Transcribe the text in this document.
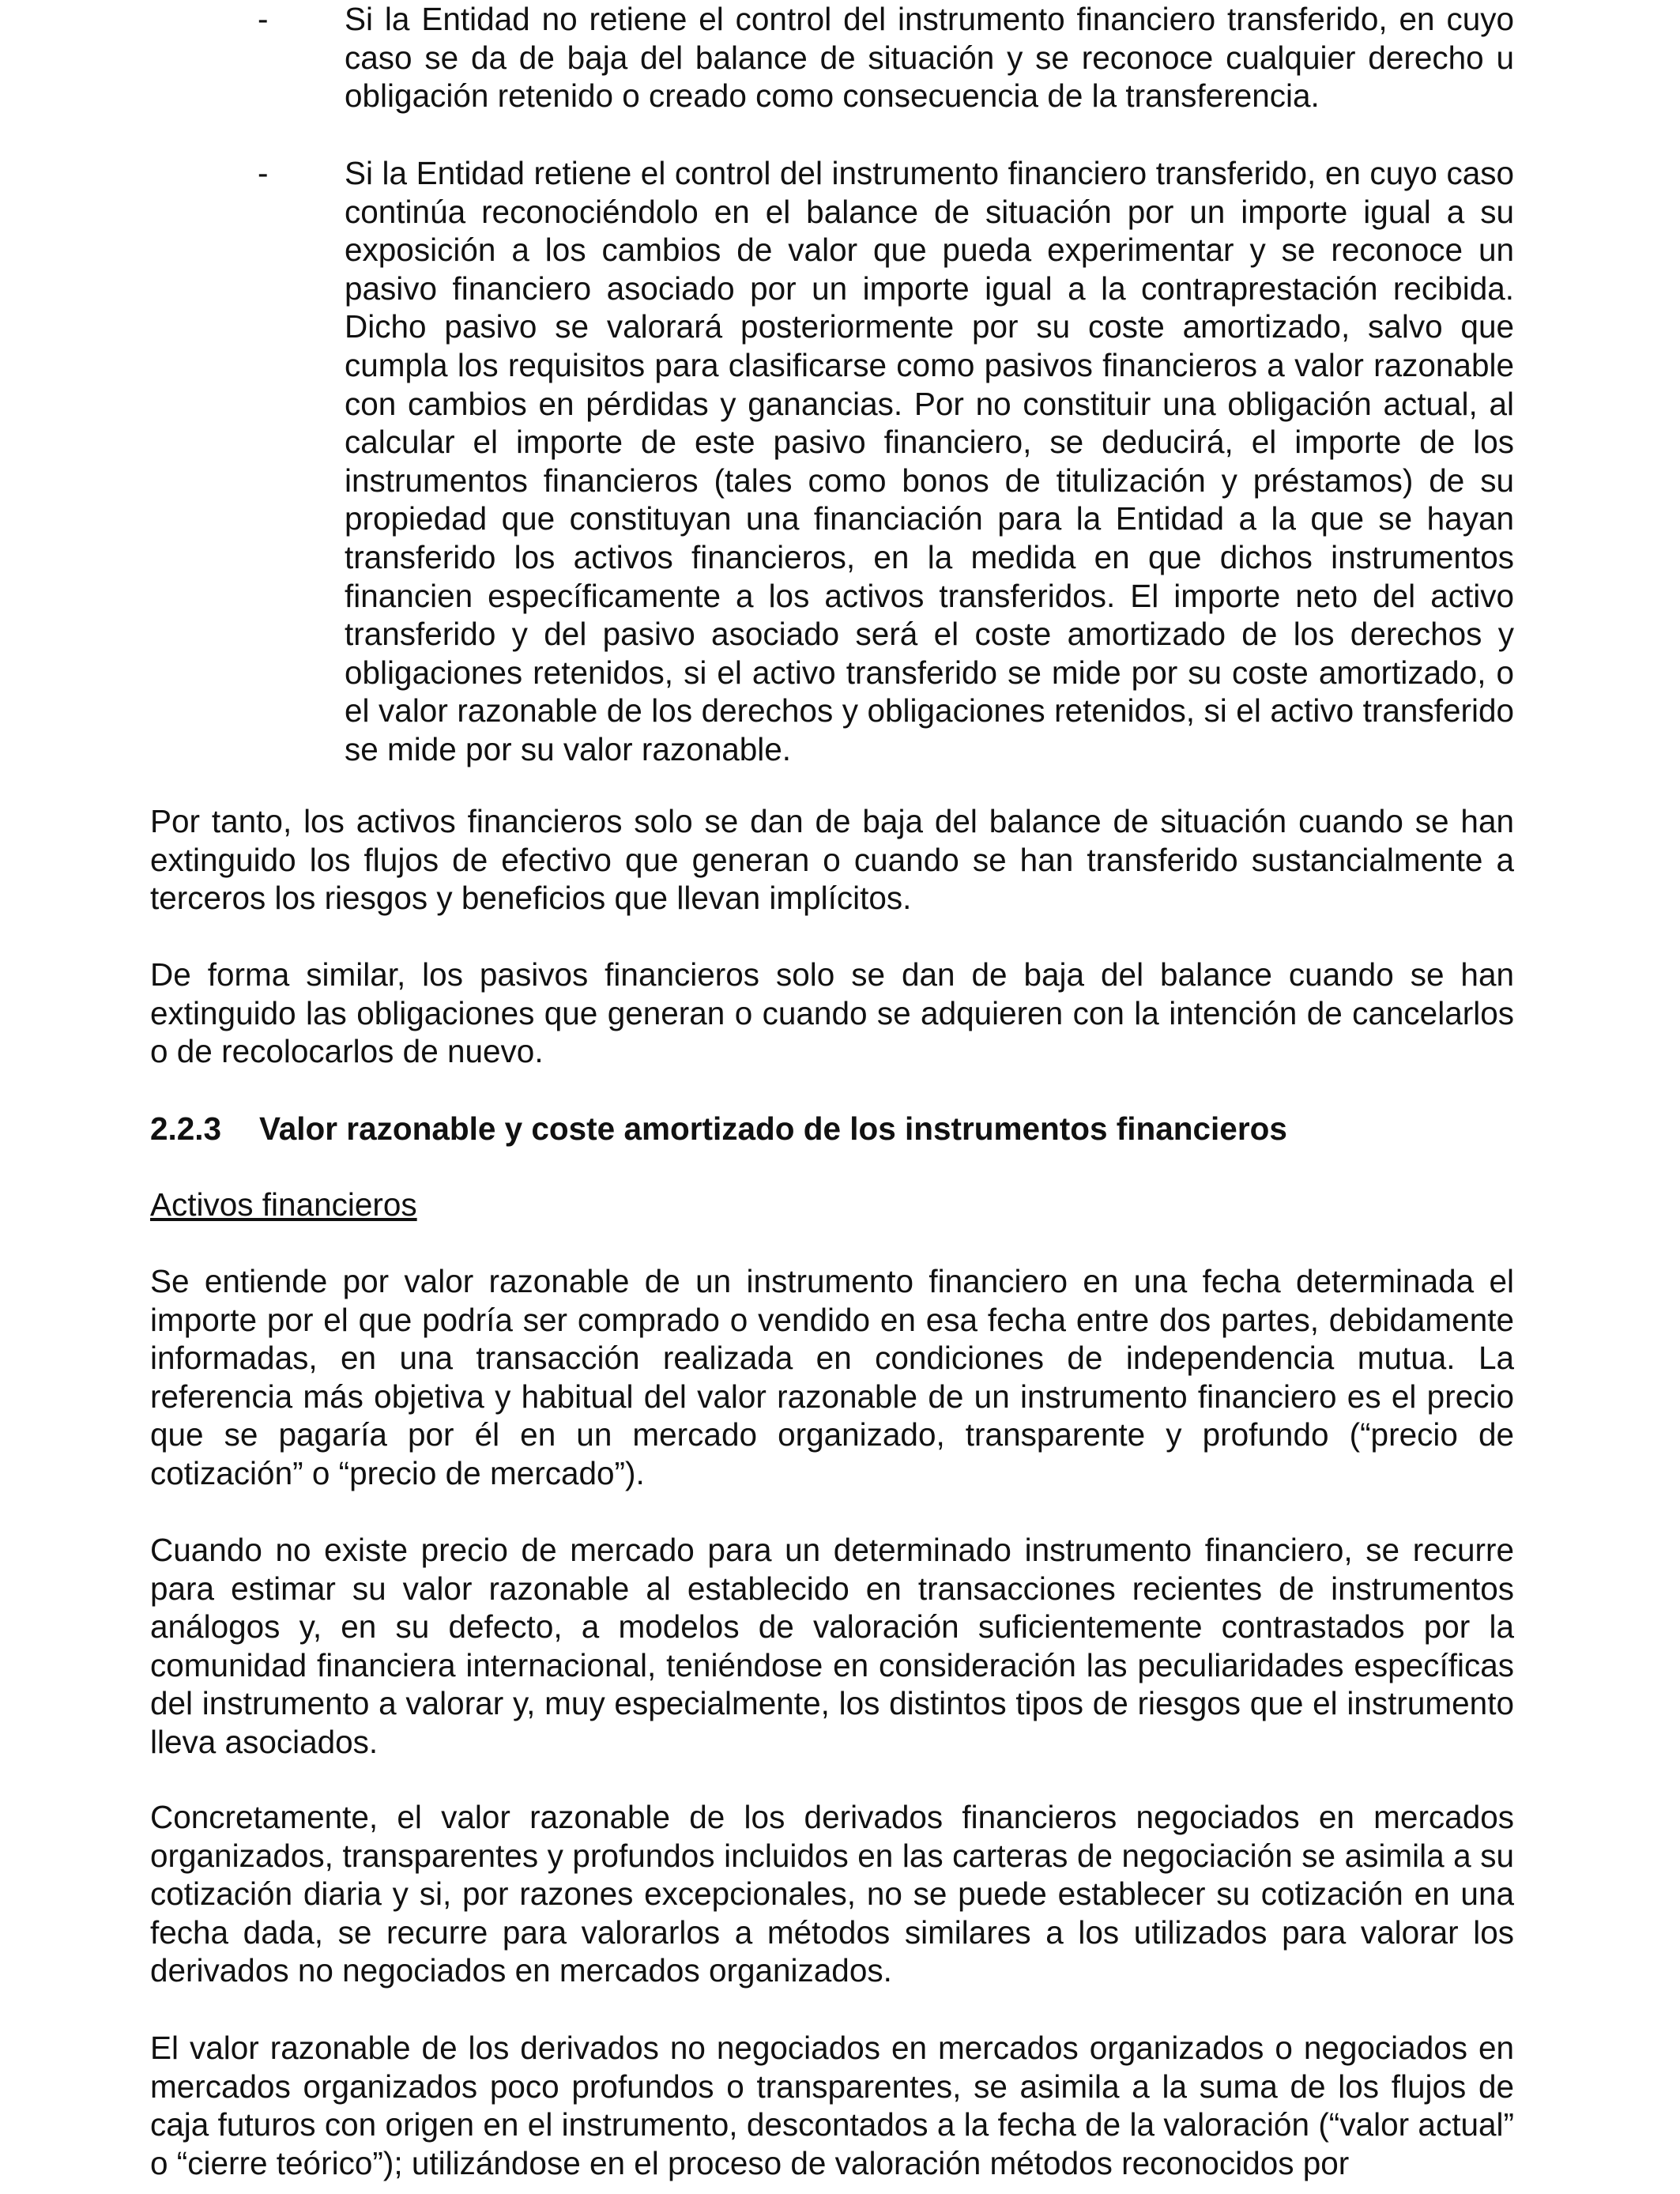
- Si la Entidad no retiene el control del instrumento financiero transferido, en cuyo caso se da de baja del balance de situación y se reconoce cualquier derecho u obligación retenido o creado como consecuencia de la transferencia.

- Si la Entidad retiene el control del instrumento financiero transferido, en cuyo caso continúa reconociéndolo en el balance de situación por un importe igual a su exposición a los cambios de valor que pueda experimentar y se reconoce un pasivo financiero asociado por un importe igual a la contraprestación recibida. Dicho pasivo se valorará posteriormente por su coste amortizado, salvo que cumpla los requisitos para clasificarse como pasivos financieros a valor razonable con cambios en pérdidas y ganancias. Por no constituir una obligación actual, al calcular el importe de este pasivo financiero, se deducirá, el importe de los instrumentos financieros (tales como bonos de titulización y préstamos) de su propiedad que constituyan una financiación para la Entidad a la que se hayan transferido los activos financieros, en la medida en que dichos instrumentos financien específicamente a los activos transferidos. El importe neto del activo transferido y del pasivo asociado será el coste amortizado de los derechos y obligaciones retenidos, si el activo transferido se mide por su coste amortizado, o el valor razonable de los derechos y obligaciones retenidos, si el activo transferido se mide por su valor razonable.

Por tanto, los activos financieros solo se dan de baja del balance de situación cuando se han extinguido los flujos de efectivo que generan o cuando se han transferido sustancialmente a terceros los riesgos y beneficios que llevan implícitos.

De forma similar, los pasivos financieros solo se dan de baja del balance cuando se han extinguido las obligaciones que generan o cuando se adquieren con la intención de cancelarlos o de recolocarlos de nuevo.

2.2.3 Valor razonable y coste amortizado de los instrumentos financieros

Activos financieros

Se entiende por valor razonable de un instrumento financiero en una fecha determinada el importe por el que podría ser comprado o vendido en esa fecha entre dos partes, debidamente informadas, en una transacción realizada en condiciones de independencia mutua. La referencia más objetiva y habitual del valor razonable de un instrumento financiero es el precio que se pagaría por él en un mercado organizado, transparente y profundo (“precio de cotización” o “precio de mercado”).

Cuando no existe precio de mercado para un determinado instrumento financiero, se recurre para estimar su valor razonable al establecido en transacciones recientes de instrumentos análogos y, en su defecto, a modelos de valoración suficientemente contrastados por la comunidad financiera internacional, teniéndose en consideración las peculiaridades específicas del instrumento a valorar y, muy especialmente, los distintos tipos de riesgos que el instrumento lleva asociados.

Concretamente, el valor razonable de los derivados financieros negociados en mercados organizados, transparentes y profundos incluidos en las carteras de negociación se asimila a su cotización diaria y si, por razones excepcionales, no se puede establecer su cotización en una fecha dada, se recurre para valorarlos a métodos similares a los utilizados para valorar los derivados no negociados en mercados organizados.

El valor razonable de los derivados no negociados en mercados organizados o negociados en mercados organizados poco profundos o transparentes, se asimila a la suma de los flujos de caja futuros con origen en el instrumento, descontados a la fecha de la valoración (“valor actual” o “cierre teórico”); utilizándose en el proceso de valoración métodos reconocidos por
